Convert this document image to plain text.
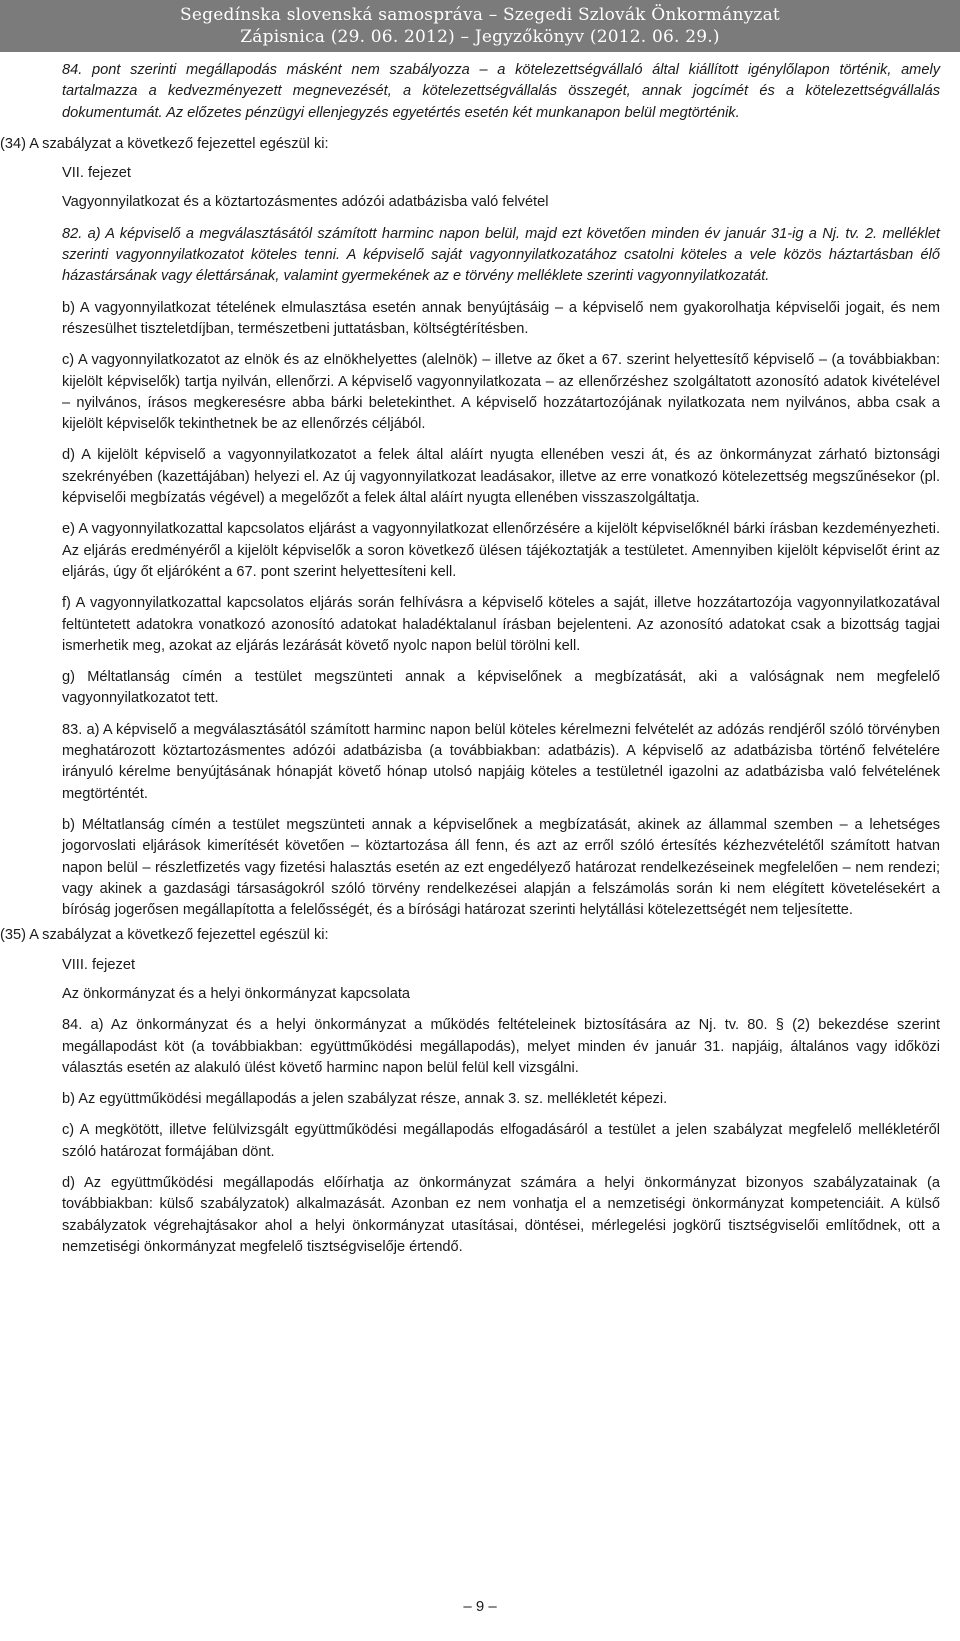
Segedínska slovenská samospráva – Szegedi Szlovák Önkormányzat
Zápisnica (29. 06. 2012) – Jegyzőkönyv (2012. 06. 29.)

84. pont szerinti megállapodás másként nem szabályozza – a kötelezettségvállaló által kiállított igénylőlapon történik, amely tartalmazza a kedvezményezett megnevezését, a kötelezettségvállalás összegét, annak jogcímét és a kötelezettségvállalás dokumentumát. Az előzetes pénzügyi ellenjegyzés egyetértés esetén két munkanapon belül megtörténik.

(34) A szabályzat a következő fejezettel egészül ki:

VII. fejezet

Vagyonnyilatkozat és a köztartozásmentes adózói adatbázisba való felvétel

82. a) A képviselő a megválasztásától számított harminc napon belül, majd ezt követően minden év január 31-ig a Nj. tv. 2. melléklet szerinti vagyonnyilatkozatot köteles tenni. A képviselő saját vagyonnyilatkozatához csatolni köteles a vele közös háztartásban élő házastársának vagy élettársának, valamint gyermekének az e törvény melléklete szerinti vagyonnyilatkozatát.

b) A vagyonnyilatkozat tételének elmulasztása esetén annak benyújtásáig – a képviselő nem gyakorolhatja képviselői jogait, és nem részesülhet tiszteletdíjban, természetbeni juttatásban, költségtérítésben.

c) A vagyonnyilatkozatot az elnök és az elnökhelyettes (alelnök) – illetve az őket a 67. szerint helyettesítő képviselő – (a továbbiakban: kijelölt képviselők) tartja nyilván, ellenőrzi. A képviselő vagyonnyilatkozata – az ellenőrzéshez szolgáltatott azonosító adatok kivételével – nyilvános, írásos megkeresésre abba bárki beletekinthet. A képviselő hozzátartozójának nyilatkozata nem nyilvános, abba csak a kijelölt képviselők tekinthetnek be az ellenőrzés céljából.

d) A kijelölt képviselő a vagyonnyilatkozatot a felek által aláírt nyugta ellenében veszi át, és az önkormányzat zárható biztonsági szekrényében (kazettájában) helyezi el. Az új vagyonnyilatkozat leadásakor, illetve az erre vonatkozó kötelezettség megszűnésekor (pl. képviselői megbízatás végével) a megelőzőt a felek által aláírt nyugta ellenében visszaszolgáltatja.

e) A vagyonnyilatkozattal kapcsolatos eljárást a vagyonnyilatkozat ellenőrzésére a kijelölt képviselőknél bárki írásban kezdeményezheti. Az eljárás eredményéről a kijelölt képviselők a soron következő ülésen tájékoztatják a testületet. Amennyiben kijelölt képviselőt érint az eljárás, úgy őt eljáróként a 67. pont szerint helyettesíteni kell.

f) A vagyonnyilatkozattal kapcsolatos eljárás során felhívásra a képviselő köteles a saját, illetve hozzátartozója vagyonnyilatkozatával feltüntetett adatokra vonatkozó azonosító adatokat haladéktalanul írásban bejelenteni. Az azonosító adatokat csak a bizottság tagjai ismerhetik meg, azokat az eljárás lezárását követő nyolc napon belül törölni kell.

g) Méltatlanság címén a testület megszünteti annak a képviselőnek a megbízatását, aki a valóságnak nem megfelelő vagyonnyilatkozatot tett.

83. a) A képviselő a megválasztásától számított harminc napon belül köteles kérelmezni felvételét az adózás rendjéről szóló törvényben meghatározott köztartozásmentes adózói adatbázisba (a továbbiakban: adatbázis). A képviselő az adatbázisba történő felvételére irányuló kérelme benyújtásának hónapját követő hónap utolsó napjáig köteles a testületnél igazolni az adatbázisba való felvételének megtörténtét.

b) Méltatlanság címén a testület megszünteti annak a képviselőnek a megbízatását, akinek az állammal szemben – a lehetséges jogorvoslati eljárások kimerítését követően – köztartozása áll fenn, és azt az erről szóló értesítés kézhezvételétől számított hatvan napon belül – részletfizetés vagy fizetési halasztás esetén az ezt engedélyező határozat rendelkezéseinek megfelelően – nem rendezi; vagy akinek a gazdasági társaságokról szóló törvény rendelkezései alapján a felszámolás során ki nem elégített követelésekért a bíróság jogerősen megállapította a felelősségét, és a bírósági határozat szerinti helytállási kötelezettségét nem teljesítette.

(35) A szabályzat a következő fejezettel egészül ki:

VIII. fejezet

Az önkormányzat és a helyi önkormányzat kapcsolata

84. a) Az önkormányzat és a helyi önkormányzat a működés feltételeinek biztosítására az Nj. tv. 80. § (2) bekezdése szerint megállapodást köt (a továbbiakban: együttműködési megállapodás), melyet minden év január 31. napjáig, általános vagy időközi választás esetén az alakuló ülést követő harminc napon belül felül kell vizsgálni.

b) Az együttműködési megállapodás a jelen szabályzat része, annak 3. sz. mellékletét képezi.

c) A megkötött, illetve felülvizsgált együttműködési megállapodás elfogadásáról a testület a jelen szabályzat megfelelő mellékletéről szóló határozat formájában dönt.

d) Az együttműködési megállapodás előírhatja az önkormányzat számára a helyi önkormányzat bizonyos szabályzatainak (a továbbiakban: külső szabályzatok) alkalmazását. Azonban ez nem vonhatja el a nemzetiségi önkormányzat kompetenciáit. A külső szabályzatok végrehajtásakor ahol a helyi önkormányzat utasításai, döntései, mérlegelési jogkörű tisztségviselői említődnek, ott a nemzetiségi önkormányzat megfelelő tisztségviselője értendő.

– 9 –
